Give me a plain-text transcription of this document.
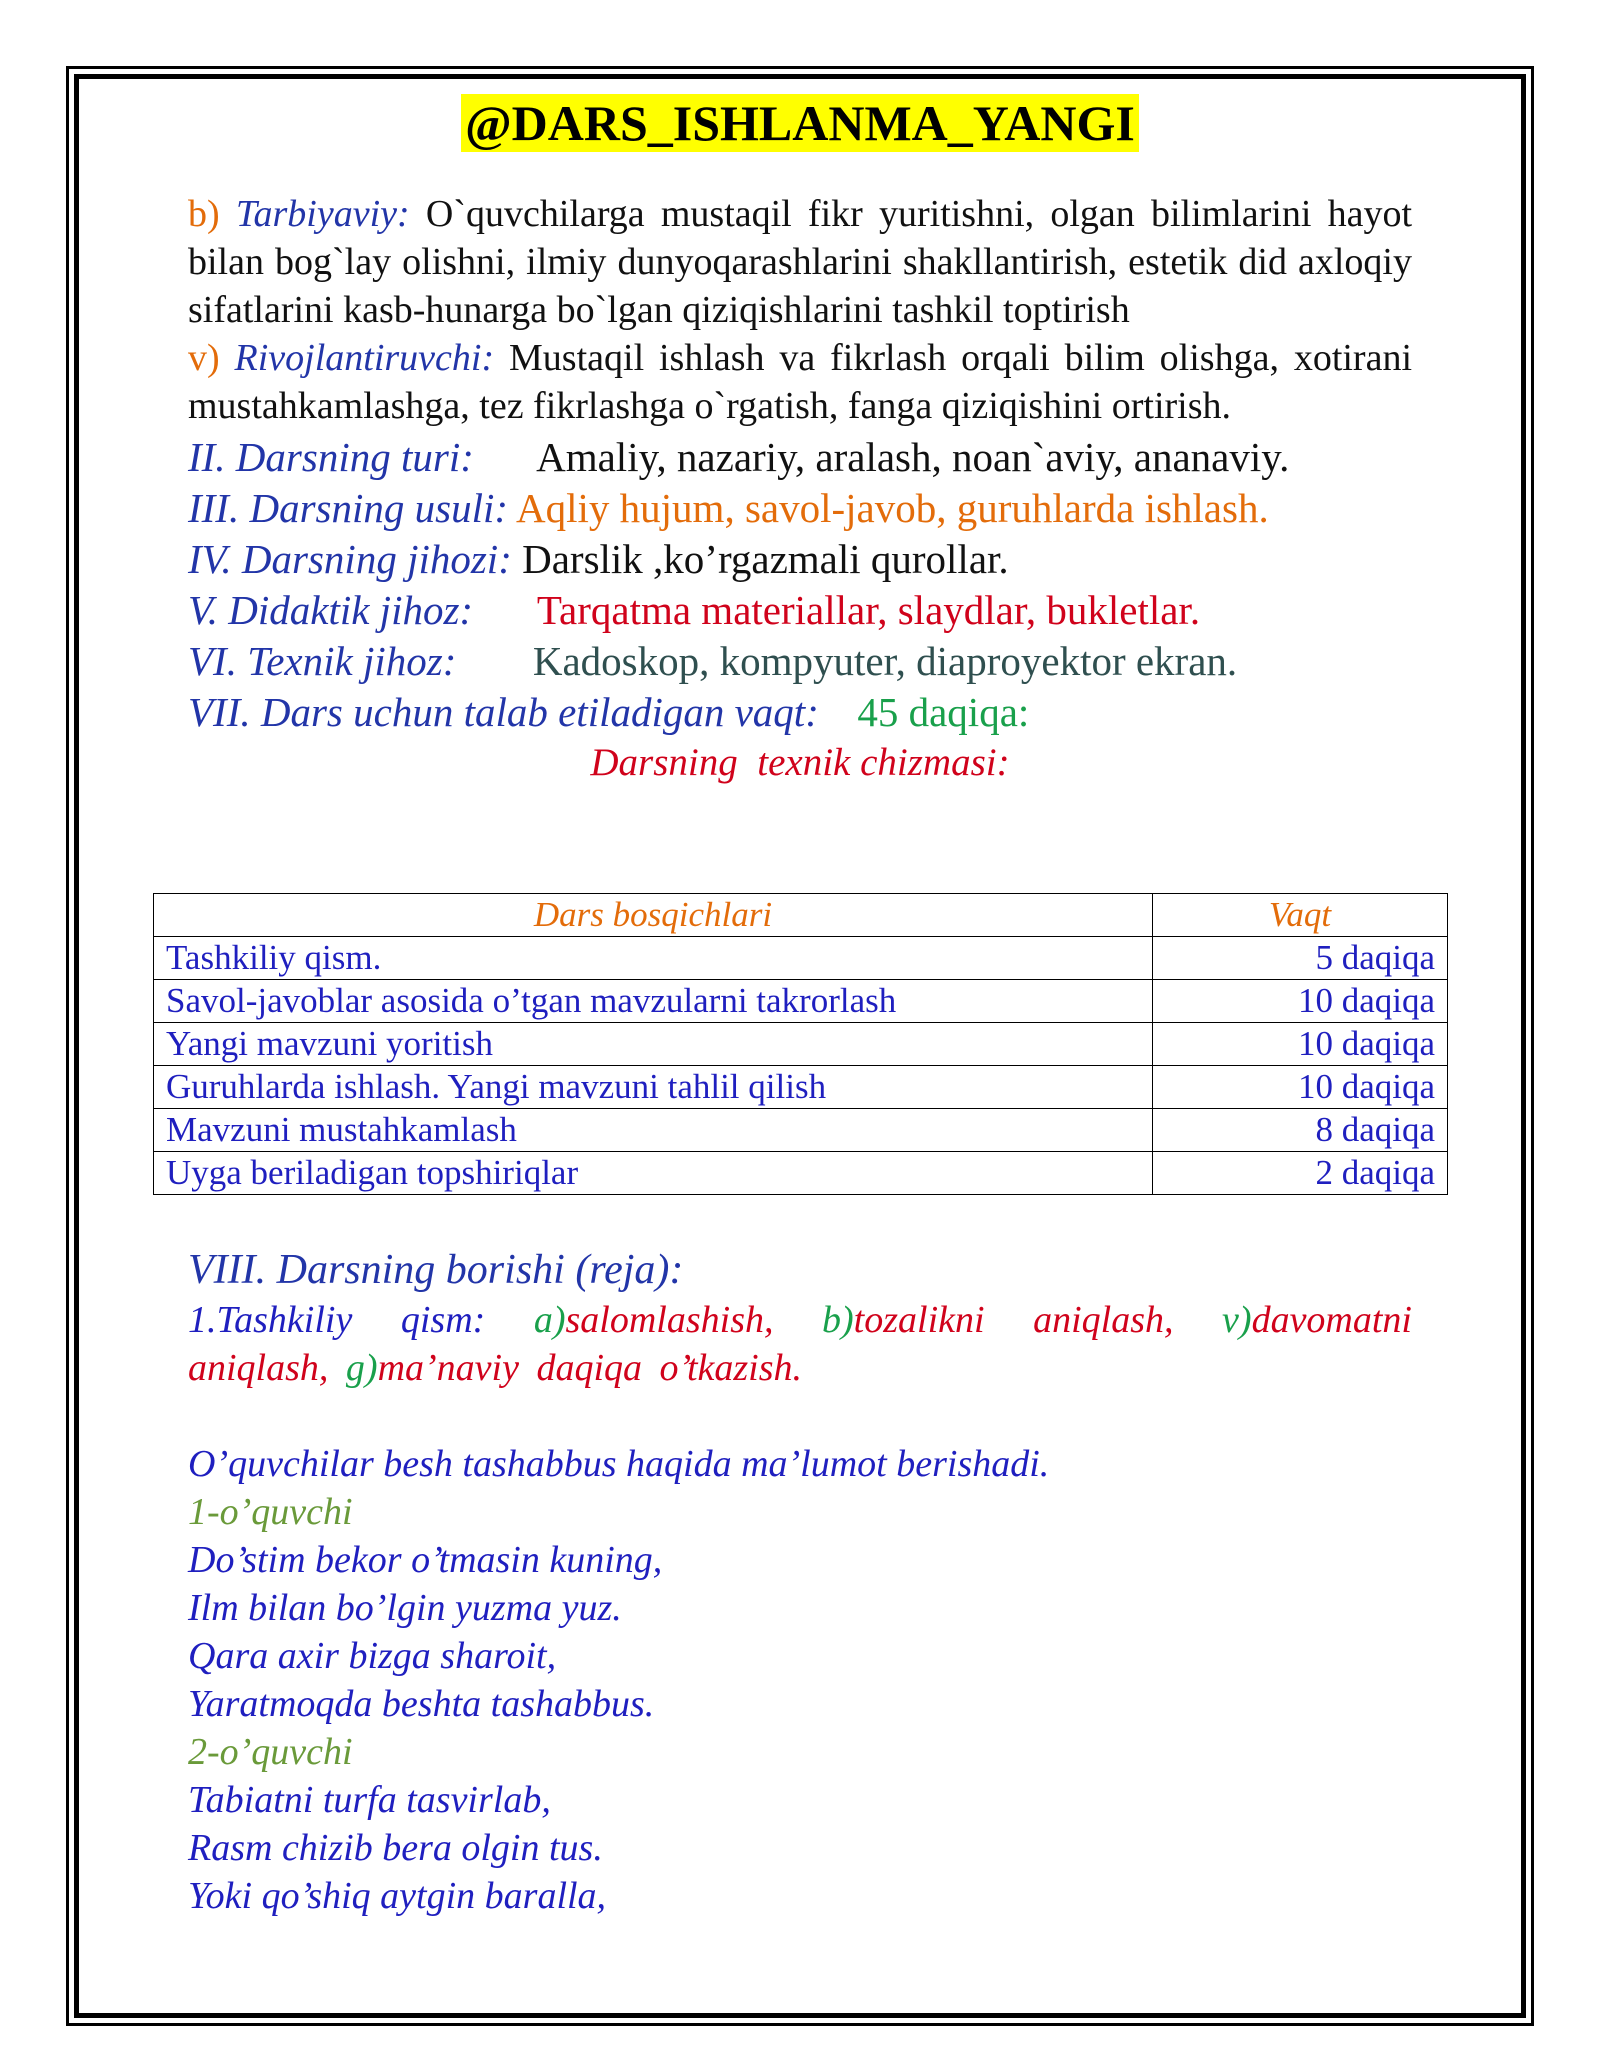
@DARS_ISHLANMA_YANGI

b) Tarbiyaviy: O`quvchilarga mustaqil fikr yuritishni, olgan bilimlarini hayot bilan bog`lay olishni, ilmiy dunyoqarashlarini shakllantirish, estetik did axloqiy sifatlarini kasb-hunarga bo`lgan qiziqishlarini tashkil toptirish

v) Rivojlantiruvchi: Mustaqil ishlash va fikrlash orqali bilim olishga, xotirani mustahkamlashga, tez fikrlashga o`rgatish, fanga qiziqishini ortirish.

II. Darsning turi: Amaliy, nazariy, aralash, noan`aviy, ananaviy.

III. Darsning usuli: Aqliy hujum, savol-javob, guruhlarda ishlash.

IV. Darsning jihozi: Darslik ,ko’rgazmali qurollar.

V. Didaktik jihoz: Tarqatma materiallar, slaydlar, bukletlar.

VI. Texnik jihoz: Kadoskop, kompyuter, diaproyektor ekran.

VII. Dars uchun talab etiladigan vaqt: 45 daqiqa:

Darsning  texnik chizmasi:

Dars bosqichlari	Vaqt
Tashkiliy qism.	5 daqiqa
Savol-javoblar asosida o’tgan mavzularni takrorlash	10 daqiqa
Yangi mavzuni yoritish	10 daqiqa
Guruhlarda ishlash. Yangi mavzuni tahlil qilish	10 daqiqa
Mavzuni mustahkamlash	8 daqiqa
Uyga beriladigan topshiriqlar	2 daqiqa

VIII. Darsning borishi (reja):

1.Tashkiliy qism: a)salomlashish, b)tozalikni aniqlash, v)davomatni aniqlash, g)ma’naviy daqiqa o’tkazish.

O’quvchilar besh tashabbus haqida ma’lumot berishadi.

1-o’quvchi

Do’stim bekor o’tmasin kuning,

Ilm bilan bo’lgin yuzma yuz.

Qara axir bizga sharoit,

Yaratmoqda beshta tashabbus.

2-o’quvchi

Tabiatni turfa tasvirlab,

Rasm chizib bera olgin tus.

Yoki qo’shiq aytgin baralla,
